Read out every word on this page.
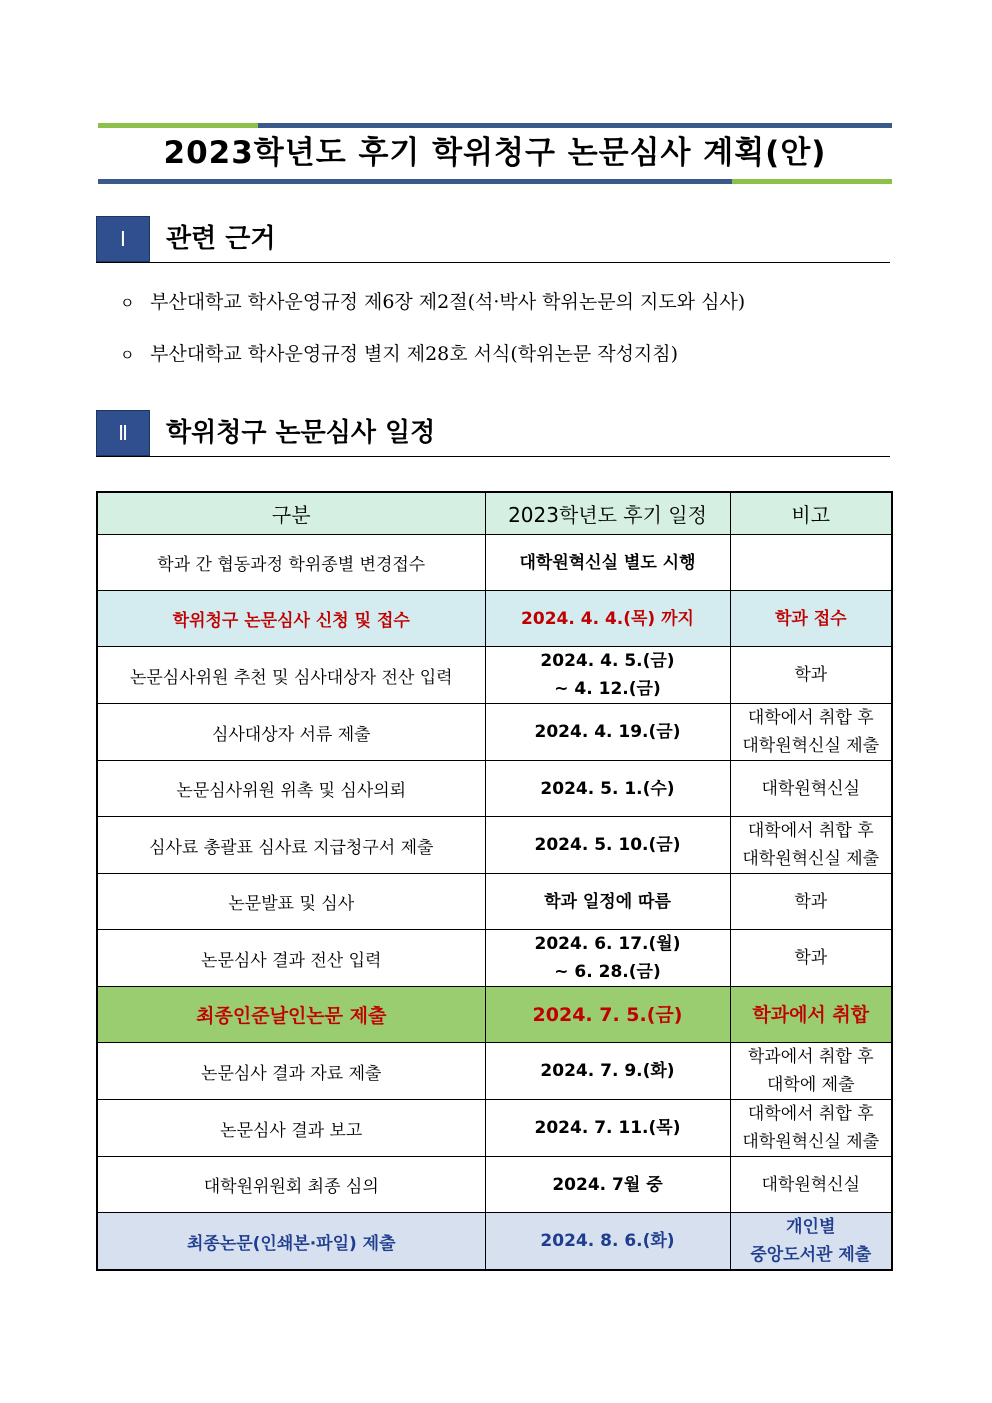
2023학년도 후기 학위청구 논문심사 계획(안)
Ⅰ	관련 근거
ㅇ 부산대학교 학사운영규정 제6장 제2절(석·박사 학위논문의 지도와 심사)
ㅇ 부산대학교 학사운영규정 별지 제28호 서식(학위논문 작성지침)
Ⅱ	학위청구 논문심사 일정
구분	2023학년도 후기 일정	비고
학과 간 협동과정 학위종별 변경접수	대학원혁신실 별도 시행	

학위청구 논문심사 신청 및 접수	2024. 4. 4.(목) 까지	학과 접수

논문심사위원 추천 및 심사대상자 전산 입력	2024. 4. 5.(금)
~ 4. 12.(금)	학과

심사대상자 서류 제출	2024. 4. 19.(금)	대학에서 취합 후
대학원혁신실 제출

논문심사위원 위촉 및 심사의뢰	2024. 5. 1.(수)	대학원혁신실

심사료 총괄표 심사료 지급청구서 제출	2024. 5. 10.(금)	대학에서 취합 후
대학원혁신실 제출

논문발표 및 심사	학과 일정에 따름	학과

논문심사 결과 전산 입력	2024. 6. 17.(월)
~ 6. 28.(금)	학과

최종인준날인논문 제출	2024. 7. 5.(금)	학과에서 취합

논문심사 결과 자료 제출	2024. 7. 9.(화)	학과에서 취합 후
대학에 제출

논문심사 결과 보고	2024. 7. 11.(목)	대학에서 취합 후
대학원혁신실 제출

대학원위원회 최종 심의	2024. 7월 중	대학원혁신실

최종논문(인쇄본·파일) 제출	2024. 8. 6.(화)	개인별
중앙도서관 제출
